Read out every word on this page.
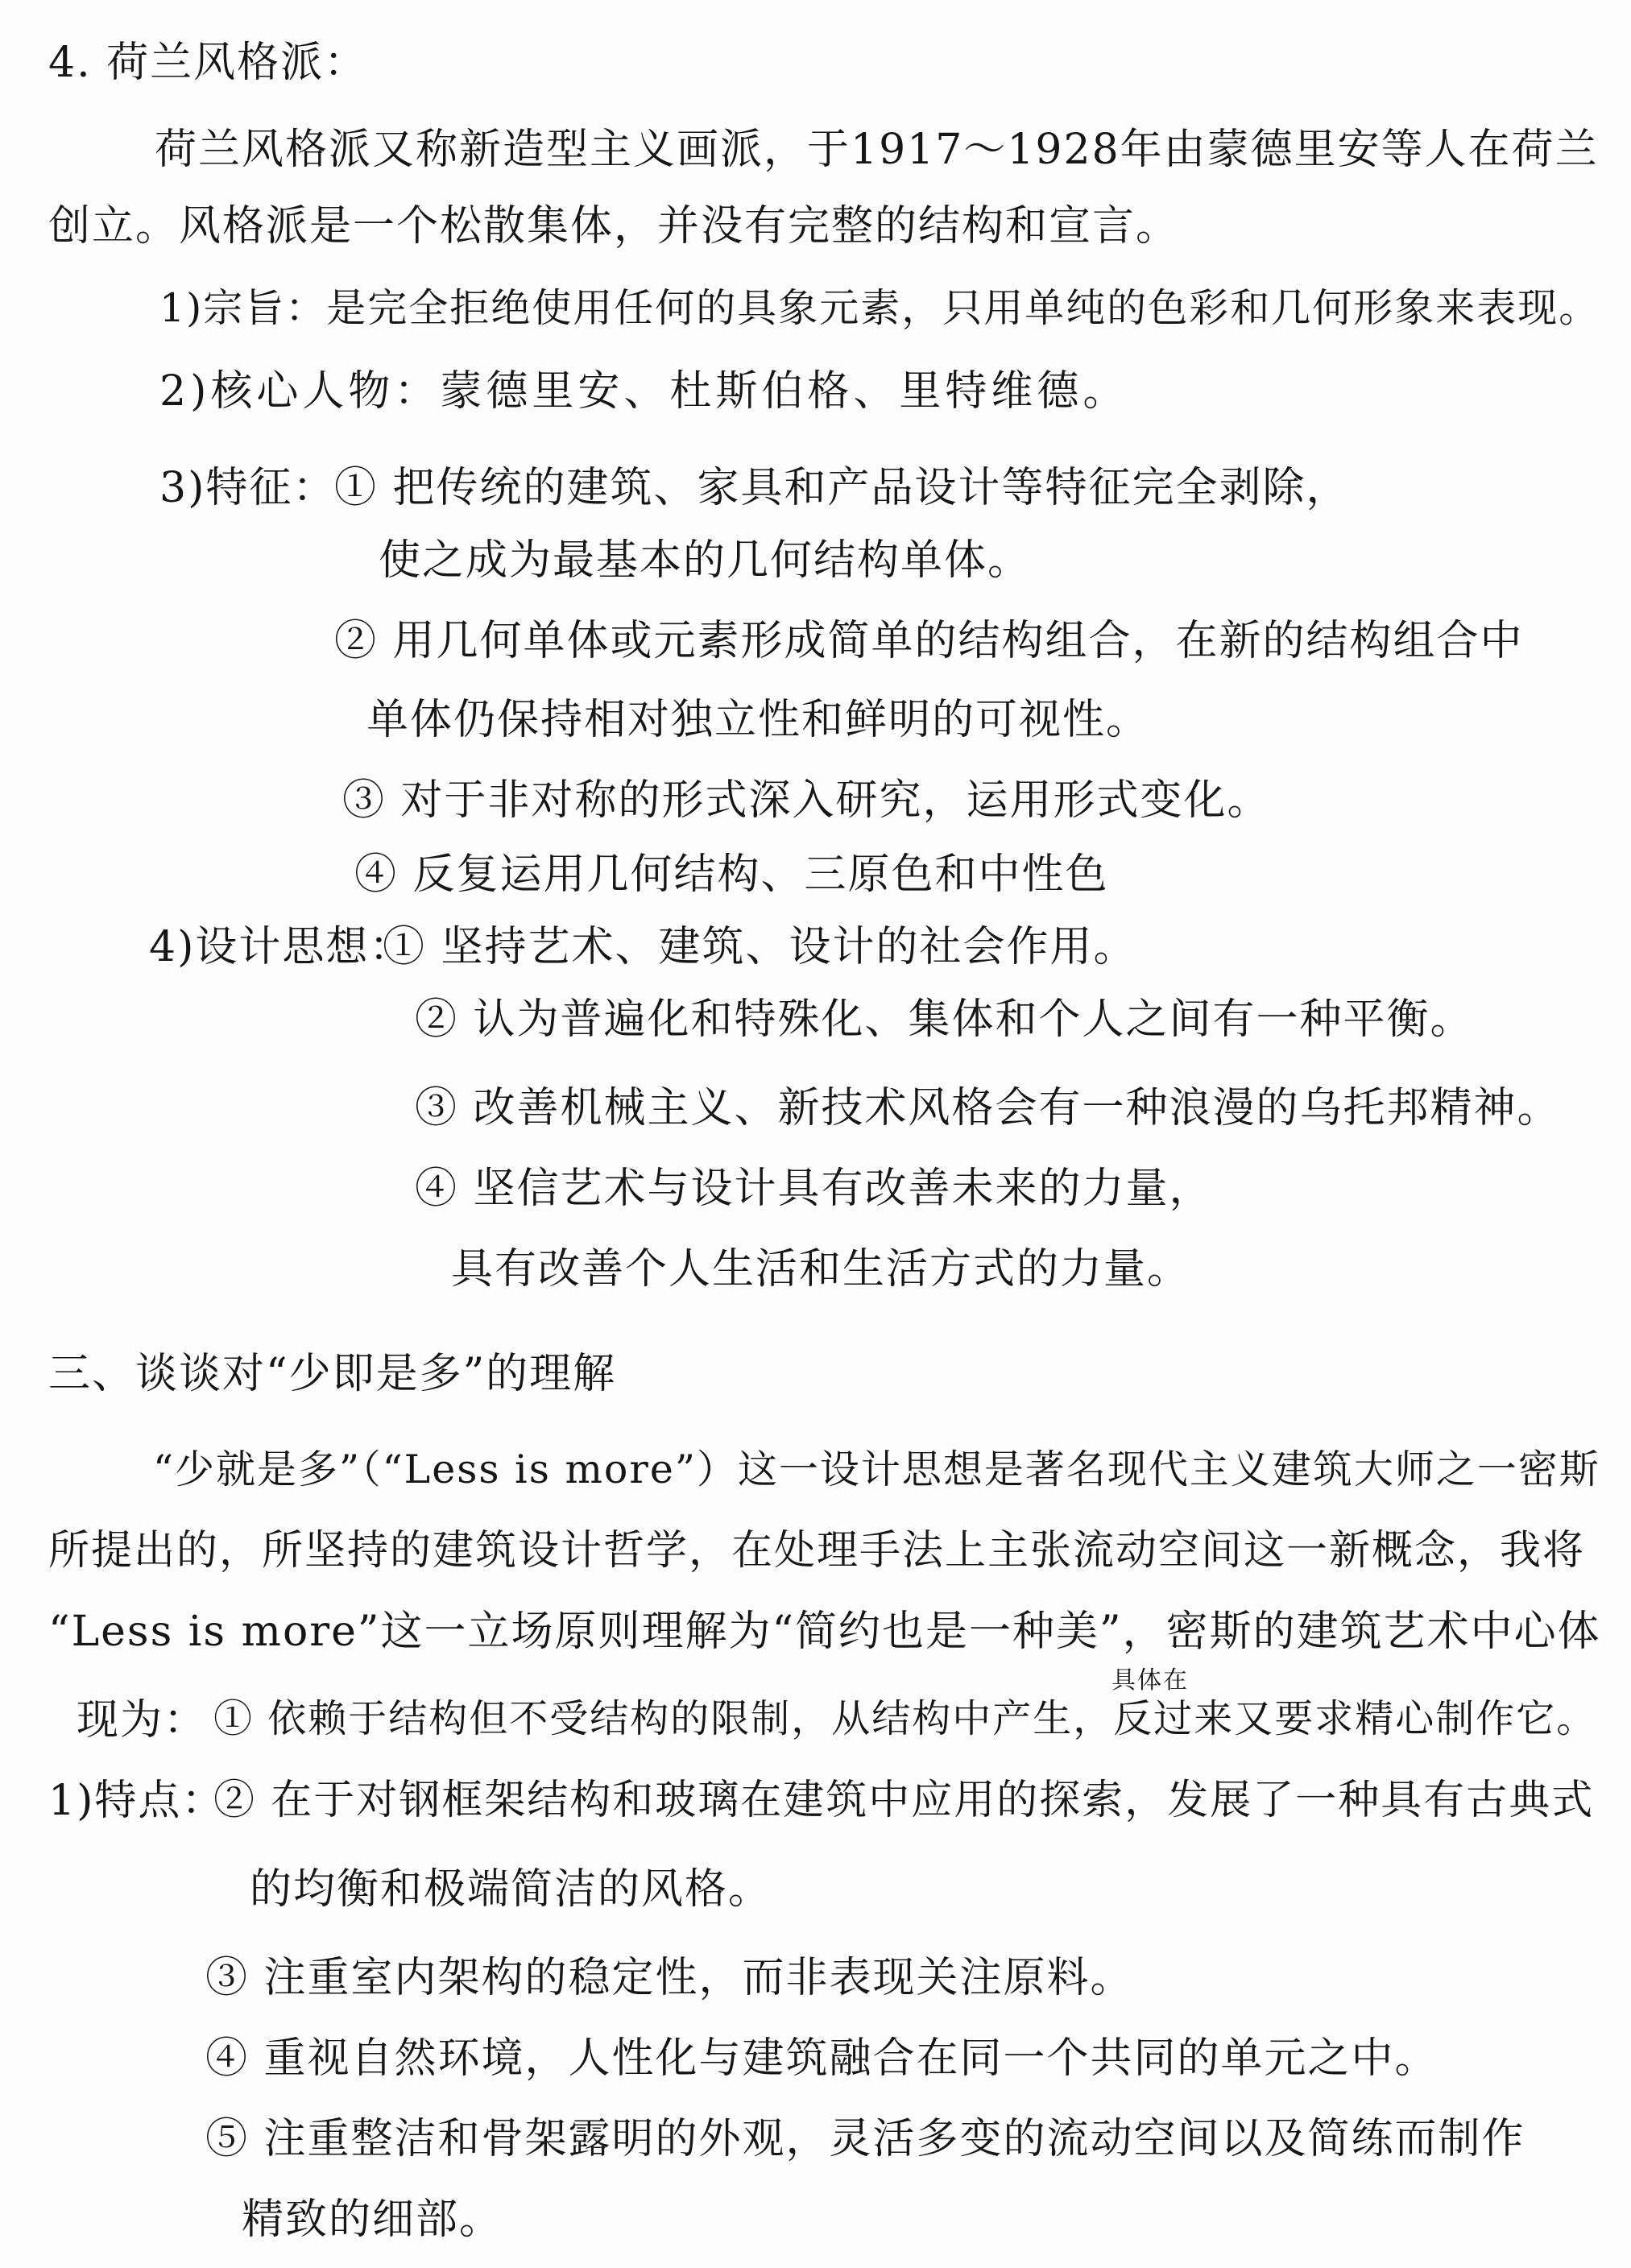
4. 荷兰风格派：
荷兰风格派又称新造型主义画派，于1917～1928年由蒙德里安等人在荷兰
创立。风格派是一个松散集体，并没有完整的结构和宣言。
1)宗旨：是完全拒绝使用任何的具象元素，只用单纯的色彩和几何形象来表现。
2)核心人物：蒙德里安、杜斯伯格、里特维德。
3)特征：
① 把传统的建筑、家具和产品设计等特征完全剥除，
使之成为最基本的几何结构单体。
② 用几何单体或元素形成简单的结构组合，在新的结构组合中
单体仍保持相对独立性和鲜明的可视性。
③ 对于非对称的形式深入研究，运用形式变化。
④ 反复运用几何结构、三原色和中性色
4)设计思想：
① 坚持艺术、建筑、设计的社会作用。
② 认为普遍化和特殊化、集体和个人之间有一种平衡。
③ 改善机械主义、新技术风格会有一种浪漫的乌托邦精神。
④ 坚信艺术与设计具有改善未来的力量，
具有改善个人生活和生活方式的力量。
三、谈谈对“少即是多”的理解
“少就是多”（“Less is more”）这一设计思想是著名现代主义建筑大师之一密斯
所提出的，所坚持的建筑设计哲学，在处理手法上主张流动空间这一新概念，我将
“Less is more”这一立场原则理解为“简约也是一种美”，密斯的建筑艺术中心体
具体在
现为： ① 依赖于结构但不受结构的限制，从结构中产生，反过来又要求精心制作它。
1)特点：
② 在于对钢框架结构和玻璃在建筑中应用的探索，发展了一种具有古典式
的均衡和极端简洁的风格。
③ 注重室内架构的稳定性，而非表现关注原料。
④ 重视自然环境，人性化与建筑融合在同一个共同的单元之中。
⑤ 注重整洁和骨架露明的外观，灵活多变的流动空间以及简练而制作
精致的细部。
